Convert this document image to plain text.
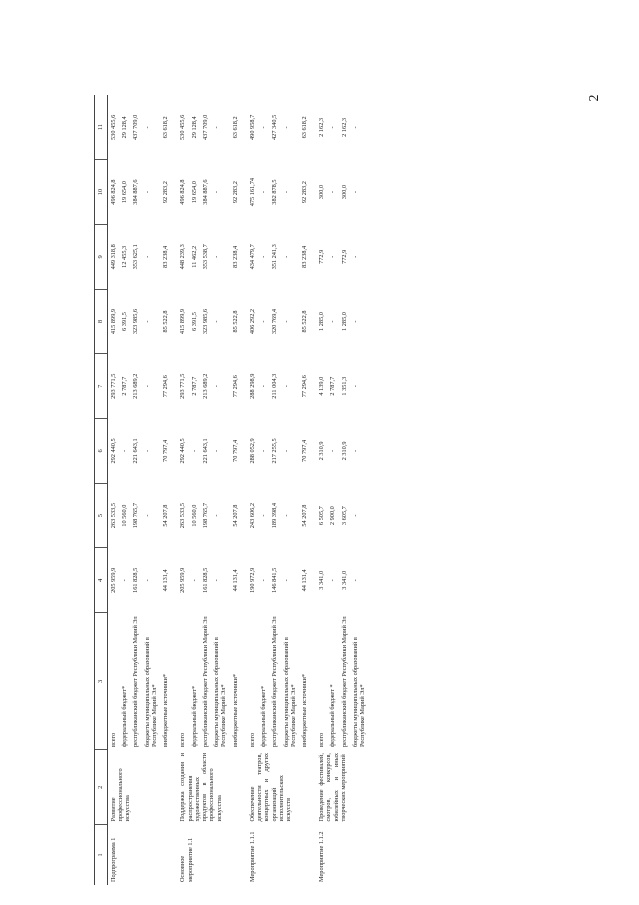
2
1	2	3	4	5	6	7	8	9	10	11
Подпрограмма 1	Развитие профессионального искусства	всего	205 959,9	263 533,5	292 440,5	293 771,5	415 899,9	449 318,8	496 824,8	530 455,6
		федеральный бюджет*	-	10 560,0	-	2 787,7	6 391,5	12 455,3	19 654,0	29 128,4
		республиканский бюджет Республики Марий Эл	161 828,5	198 765,7	221 643,1	213 689,2	323 985,6	353 625,1	384 887,6	437 709,0
		бюджеты муниципальных образований в Республике Марий Эл*	-	-	-	-	-	-	-	-
		внебюджетные источники*	44 131,4	54 207,8	70 797,4	77 294,6	85 522,8	83 238,4	92 283,2	63 618,2
Основное мероприятие 1.1	Поддержка создания и распространения художественных продуктов в области профессионального искусства	всего	205 959,9	263 533,5	292 440,5	293 771,5	415 899,9	448 239,3	496 824,8	530 455,6
		федеральный бюджет*	-	10 560,0	-	2 787,7	6 391,5	11 462,2	19 654,0	29 128,4
		республиканский бюджет Республики Марий Эл	161 828,5	198 765,7	221 643,1	213 689,2	323 985,6	353 538,7	384 887,6	437 709,0
		бюджеты муниципальных образований в Республике Марий Эл*	-	-	-	-	-	-	-	-
		внебюджетные источники*	44 131,4	54 207,8	70 797,4	77 294,6	85 522,8	83 238,4	92 283,2	63 618,2
Мероприятие 1.1.1	Обеспечение деятельности театров, концертных и других организаций исполнительских искусств	всего	190 972,9	243 606,2	288 052,9	288 298,9	406 292,2	434 479,7	475 161,74	490 958,7
		федеральный бюджет*	-	-	-	-	-	-	-	-
		республиканский бюджет Республики Марий Эл	146 841,5	189 398,4	217 255,5	211 004,3	320 769,4	351 241,3	382 878,5	427 340,5
		бюджеты муниципальных образований в Республике Марий Эл*	-	-	-	-	-	-	-	-
		внебюджетные источники*	44 131,4	54 207,8	70 797,4	77 294,6	85 522,8	83 238,4	92 283,2	63 618,2
Мероприятие 1.1.2	Проведение фестивалей, смотров, конкурсов, юбилейных и иных творческих мероприятий	всего	3 341,0	6 505,7	2 310,9	4 139,0	1 285,0	772,9	300,0	2 162,3
		федеральный бюджет *	-	2 900,0	-	2 787,7	-	-	-	-
		республиканский бюджет Республики Марий Эл	3 341,0	3 605,7	2 310,9	1 351,3	1 285,0	772,9	300,0	2 162,3
		бюджеты муниципальных образований в Республике Марий Эл*	-	-	-	-	-	-	-	-
